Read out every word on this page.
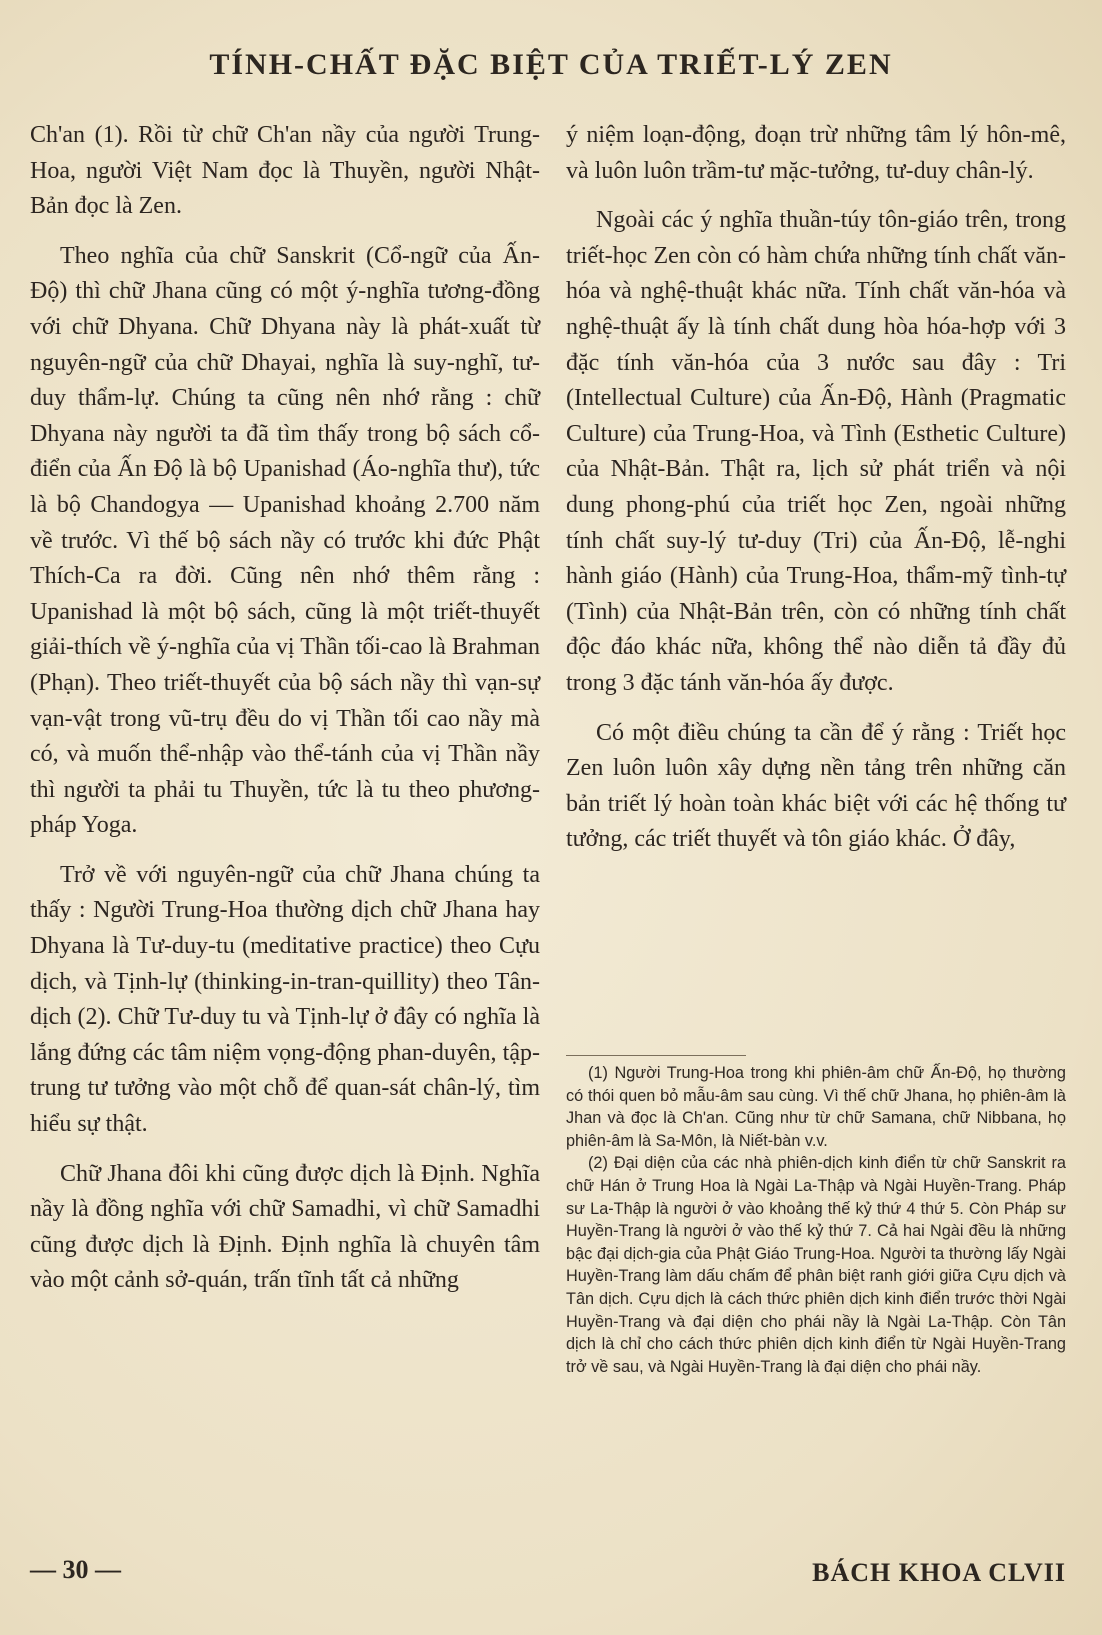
TÍNH-CHẤT ĐẶC BIỆT CỦA TRIẾT-LÝ ZEN

Ch'an (1). Rồi từ chữ Ch'an nầy của người Trung-Hoa, người Việt Nam đọc là Thuyền, người Nhật-Bản đọc là Zen.

Theo nghĩa của chữ Sanskrit (Cổ-ngữ của Ấn-Độ) thì chữ Jhana cũng có một ý-nghĩa tương-đồng với chữ Dhyana. Chữ Dhyana này là phát-xuất từ nguyên-ngữ của chữ Dhayai, nghĩa là suy-nghĩ, tư-duy thẩm-lự. Chúng ta cũng nên nhớ rằng : chữ Dhyana này người ta đã tìm thấy trong bộ sách cổ-điển của Ấn Độ là bộ Upanishad (Áo-nghĩa thư), tức là bộ Chandogya — Upanishad khoảng 2.700 năm về trước. Vì thế bộ sách nầy có trước khi đức Phật Thích-Ca ra đời. Cũng nên nhớ thêm rằng : Upanishad là một bộ sách, cũng là một triết-thuyết giải-thích về ý-nghĩa của vị Thần tối-cao là Brahman (Phạn). Theo triết-thuyết của bộ sách nầy thì vạn-sự vạn-vật trong vũ-trụ đều do vị Thần tối cao nầy mà có, và muốn thể-nhập vào thể-tánh của vị Thần nầy thì người ta phải tu Thuyền, tức là tu theo phương-pháp Yoga.

Trở về với nguyên-ngữ của chữ Jhana chúng ta thấy : Người Trung-Hoa thường dịch chữ Jhana hay Dhyana là Tư-duy-tu (meditative practice) theo Cựu dịch, và Tịnh-lự (thinking-in-tran-quillity) theo Tân-dịch (2). Chữ Tư-duy tu và Tịnh-lự ở đây có nghĩa là lắng đứng các tâm niệm vọng-động phan-duyên, tập-trung tư tưởng vào một chỗ để quan-sát chân-lý, tìm hiểu sự thật.

Chữ Jhana đôi khi cũng được dịch là Định. Nghĩa nầy là đồng nghĩa với chữ Samadhi, vì chữ Samadhi cũng được dịch là Định. Định nghĩa là chuyên tâm vào một cảnh sở-quán, trấn tĩnh tất cả những

ý niệm loạn-động, đoạn trừ những tâm lý hôn-mê, và luôn luôn trầm-tư mặc-tưởng, tư-duy chân-lý.

Ngoài các ý nghĩa thuần-túy tôn-giáo trên, trong triết-học Zen còn có hàm chứa những tính chất văn-hóa và nghệ-thuật khác nữa. Tính chất văn-hóa và nghệ-thuật ấy là tính chất dung hòa hóa-hợp với 3 đặc tính văn-hóa của 3 nước sau đây : Tri (Intellectual Culture) của Ấn-Độ, Hành (Pragmatic Culture) của Trung-Hoa, và Tình (Esthetic Culture) của Nhật-Bản. Thật ra, lịch sử phát triển và nội dung phong-phú của triết học Zen, ngoài những tính chất suy-lý tư-duy (Tri) của Ấn-Độ, lễ-nghi hành giáo (Hành) của Trung-Hoa, thẩm-mỹ tình-tự (Tình) của Nhật-Bản trên, còn có những tính chất độc đáo khác nữa, không thể nào diễn tả đầy đủ trong 3 đặc tánh văn-hóa ấy được.

Có một điều chúng ta cần để ý rằng : Triết học Zen luôn luôn xây dựng nền tảng trên những căn bản triết lý hoàn toàn khác biệt với các hệ thống tư tưởng, các triết thuyết và tôn giáo khác. Ở đây,

(1) Người Trung-Hoa trong khi phiên-âm chữ Ấn-Độ, họ thường có thói quen bỏ mẫu-âm sau cùng. Vì thế chữ Jhana, họ phiên-âm là Jhan và đọc là Ch'an. Cũng như từ chữ Samana, chữ Nibbana, họ phiên-âm là Sa-Môn, là Niết-bàn v.v.

(2) Đại diện của các nhà phiên-dịch kinh điển từ chữ Sanskrit ra chữ Hán ở Trung Hoa là Ngài La-Thập và Ngài Huyền-Trang. Pháp sư La-Thập là người ở vào khoảng thế kỷ thứ 4 thứ 5. Còn Pháp sư Huyền-Trang là người ở vào thế kỷ thứ 7. Cả hai Ngài đều là những bậc đại dịch-gia của Phật Giáo Trung-Hoa. Người ta thường lấy Ngài Huyền-Trang làm dấu chấm để phân biệt ranh giới giữa Cựu dịch và Tân dịch. Cựu dịch là cách thức phiên dịch kinh điển trước thời Ngài Huyền-Trang và đại diện cho phái nầy là Ngài La-Thập. Còn Tân dịch là chỉ cho cách thức phiên dịch kinh điển từ Ngài Huyền-Trang trở về sau, và Ngài Huyền-Trang là đại diện cho phái nầy.

— 30 —	BÁCH KHOA CLVII
